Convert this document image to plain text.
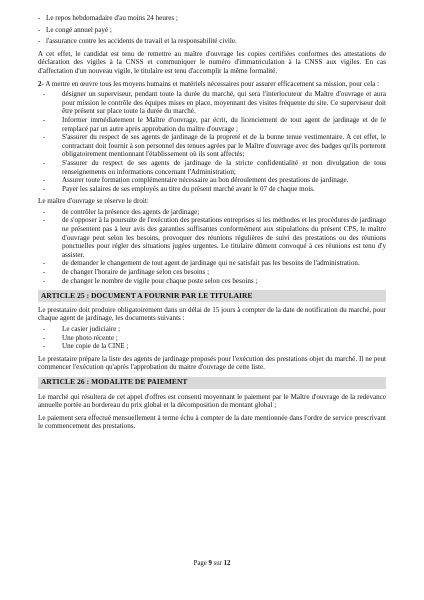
- Le repos hebdomadaire d'au moins 24 heures ;
- Le congé annuel payé ;
- l'assurance contre les accidents de travail et la responsabilité civile.

A cet effet, le candidat est tenu de remettre au maître d'ouvrage les copies certifiées conformes des attestations de déclaration des vigiles à la CNSS et communiquer le numéro d'immatriculation à la CNSS aux vigiles. En cas d'affectation d'un nouveau vigile, le titulaire est tenu d'accomplir la même formalité.

2- A mettre en œuvre tous les moyens humains et matériels nécessaires pour assurer efficacement sa mission, pour cela :

- désigner un superviseur, pendant toute la durée du marché, qui sera l'interlocuteur du Maître d'ouvrage et aura pour mission le contrôle des équipes mises en place, moyennant des visites fréquente du site. Ce superviseur doit être présent sur place toute la durée du marché.
- Informer immédiatement le Maître d'ouvrage, par écrit, du licenciement de tout agent de jardinage et de le remplacé par un autre après approbation du maître d'ouvrage ;
- S'assurer du respect de ses agents de jardinage de la propreté et de la bonne tenue vestimentaire. A cet effet, le contractant doit fournir à son personnel des tenues agrées par le Maître d'ouvrage avec des badges qu'ils porteront obligatoirement mentionnant l'établissement où ils sont affectés;
- S'assurer du respect de ses agents de jardinage de la stricte confidentialité et non divulgation de tous renseignements ou informations concernant l'Administration;
- Assurer toute formation complémentaire nécessaire au bon déroulement des prestations de jardinage.
- Payer les salaires de ses employés au titre du présent marché avant le 07 de chaque mois.

Le maître d'ouvrage se réserve le droit:

- de contrôler la présence des agents de jardinage;
- de s'opposer à la poursuite de l'exécution des prestations entreprises si les méthodes et les procédures de jardinage ne présentent pas à leur avis des garanties suffisantes conformément aux stipulations du présent CPS, le maître d'ouvrage peut selon les besoins, provoquer des réunions régulières de suivi des prestations ou des réunions ponctuelles pour régler des situations jugées urgentes. Le titulaire dûment convoqué à ces réunions est tenu d'y assister.
- de demander le changement de tout agent de jardinage qui ne satisfait pas les besoins de l'administration.
- de changer l'horaire de jardinage selon ces besoins ;
- de changer le nombre de vigile pour chaque poste selon ces besoins ;
ARTICLE 25 : DOCUMENT A FOURNIR PAR LE TITULAIRE

Le prestataire doit produire obligatoirement dans un délai de 15 jours à compter de la date de notification du marché, pour chaque agent de jardinage, les documents suivants :

- Le casier judiciaire ;
- Une photo récente ;
- Une copie de la CINE ;

Le prestataire prépare la liste des agents de jardinage proposés pour l'exécution des prestations objet du marché. Il ne peut commencer l'exécution qu'après l'approbation du maitre d'ouvrage de cette liste.

ARTICLE 26 : MODALITE DE PAIEMENT

Le marché qui résultera de cet appel d'offres est consenti moyennant le paiement par le Maître d'ouvrage de la redevance annuelle portée au bordereau du prix global et la décomposition du montant global ;

Le paiement sera effectué mensuellement à terme échu à compter de la date mentionnée dans l'ordre de service prescrivant le commencement des prestations.

Page 9 sur 12
